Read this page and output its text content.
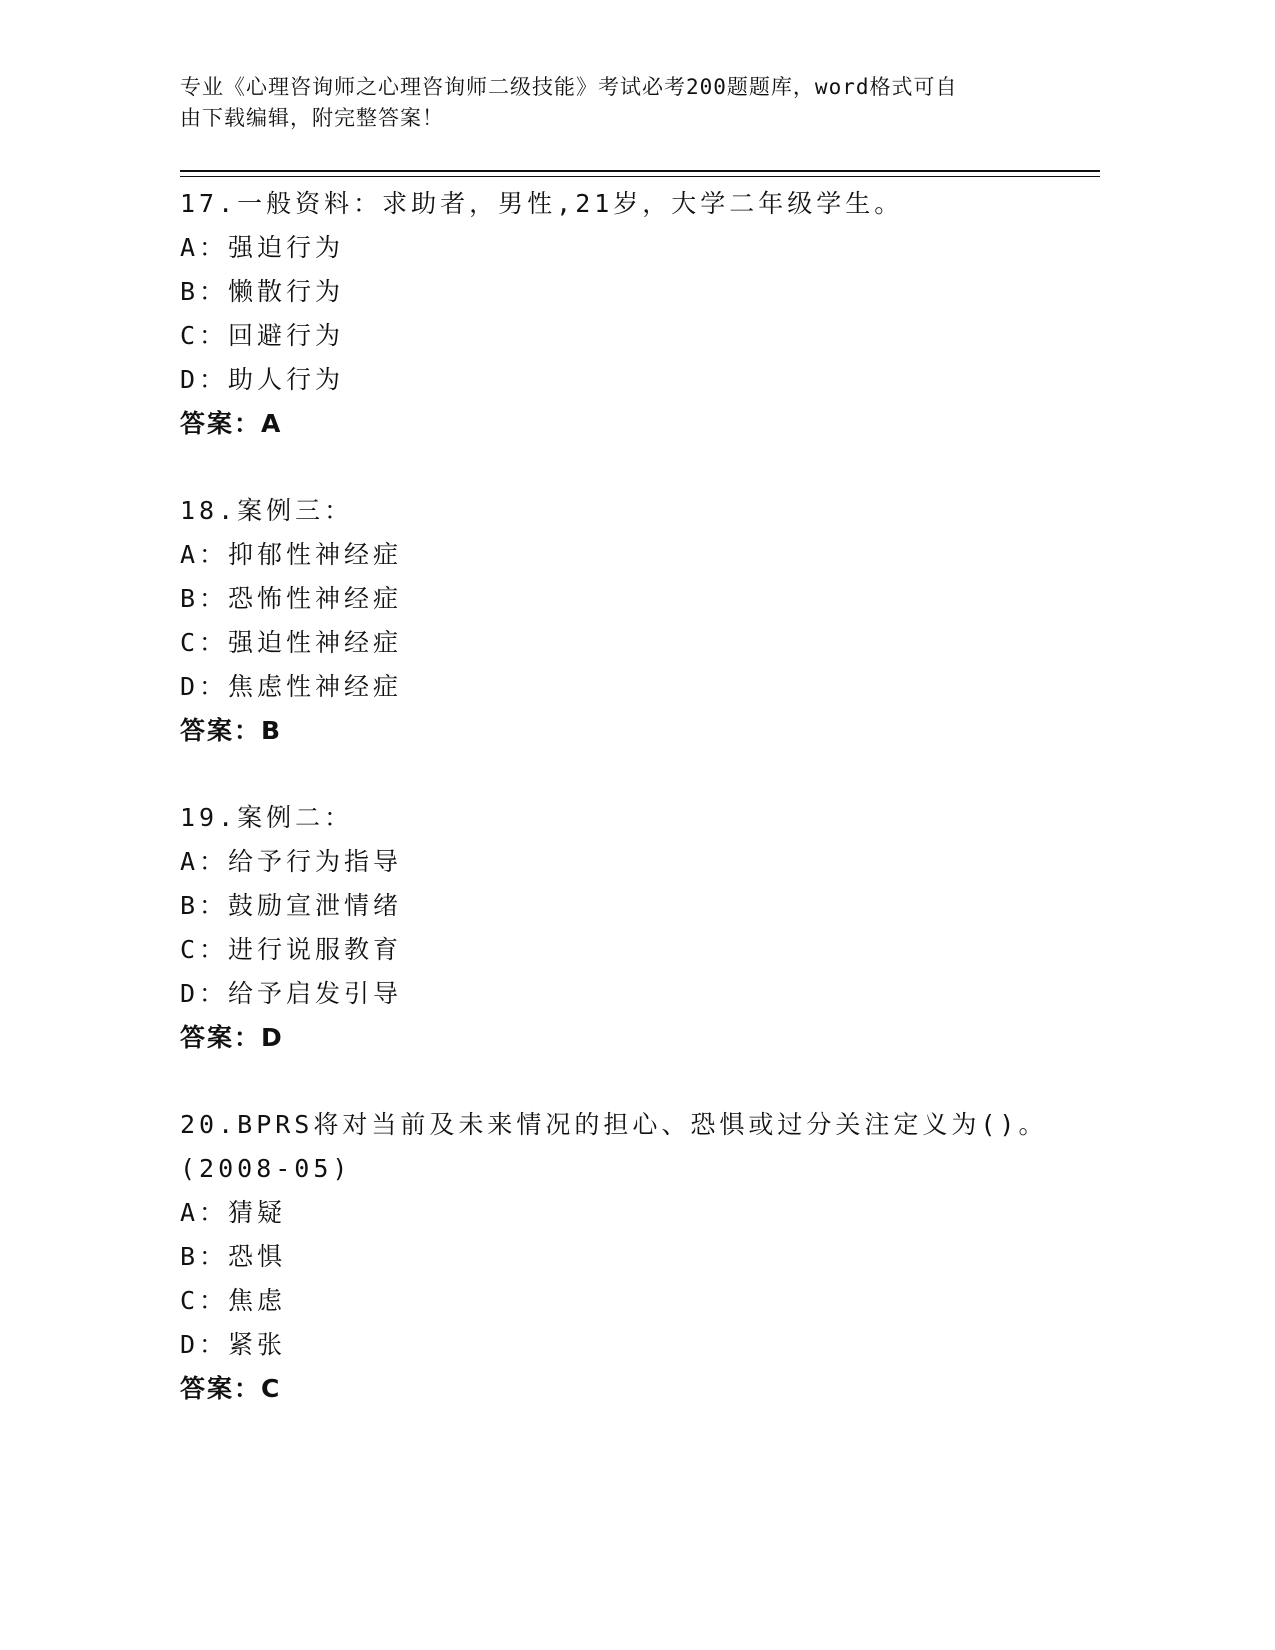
专业《心理咨询师之心理咨询师二级技能》考试必考200题题库，word格式可自
由下载编辑，附完整答案！
17.一般资料：求助者，男性,21岁，大学二年级学生。
A：强迫行为
B：懒散行为
C：回避行为
D：助人行为
答案：A
18.案例三：
A：抑郁性神经症
B：恐怖性神经症
C：强迫性神经症
D：焦虑性神经症
答案：B
19.案例二：
A：给予行为指导
B：鼓励宣泄情绪
C：进行说服教育
D：给予启发引导
答案：D
20.BPRS将对当前及未来情况的担心、恐惧或过分关注定义为()。
(2008-05)
A：猜疑
B：恐惧
C：焦虑
D：紧张
答案：C
